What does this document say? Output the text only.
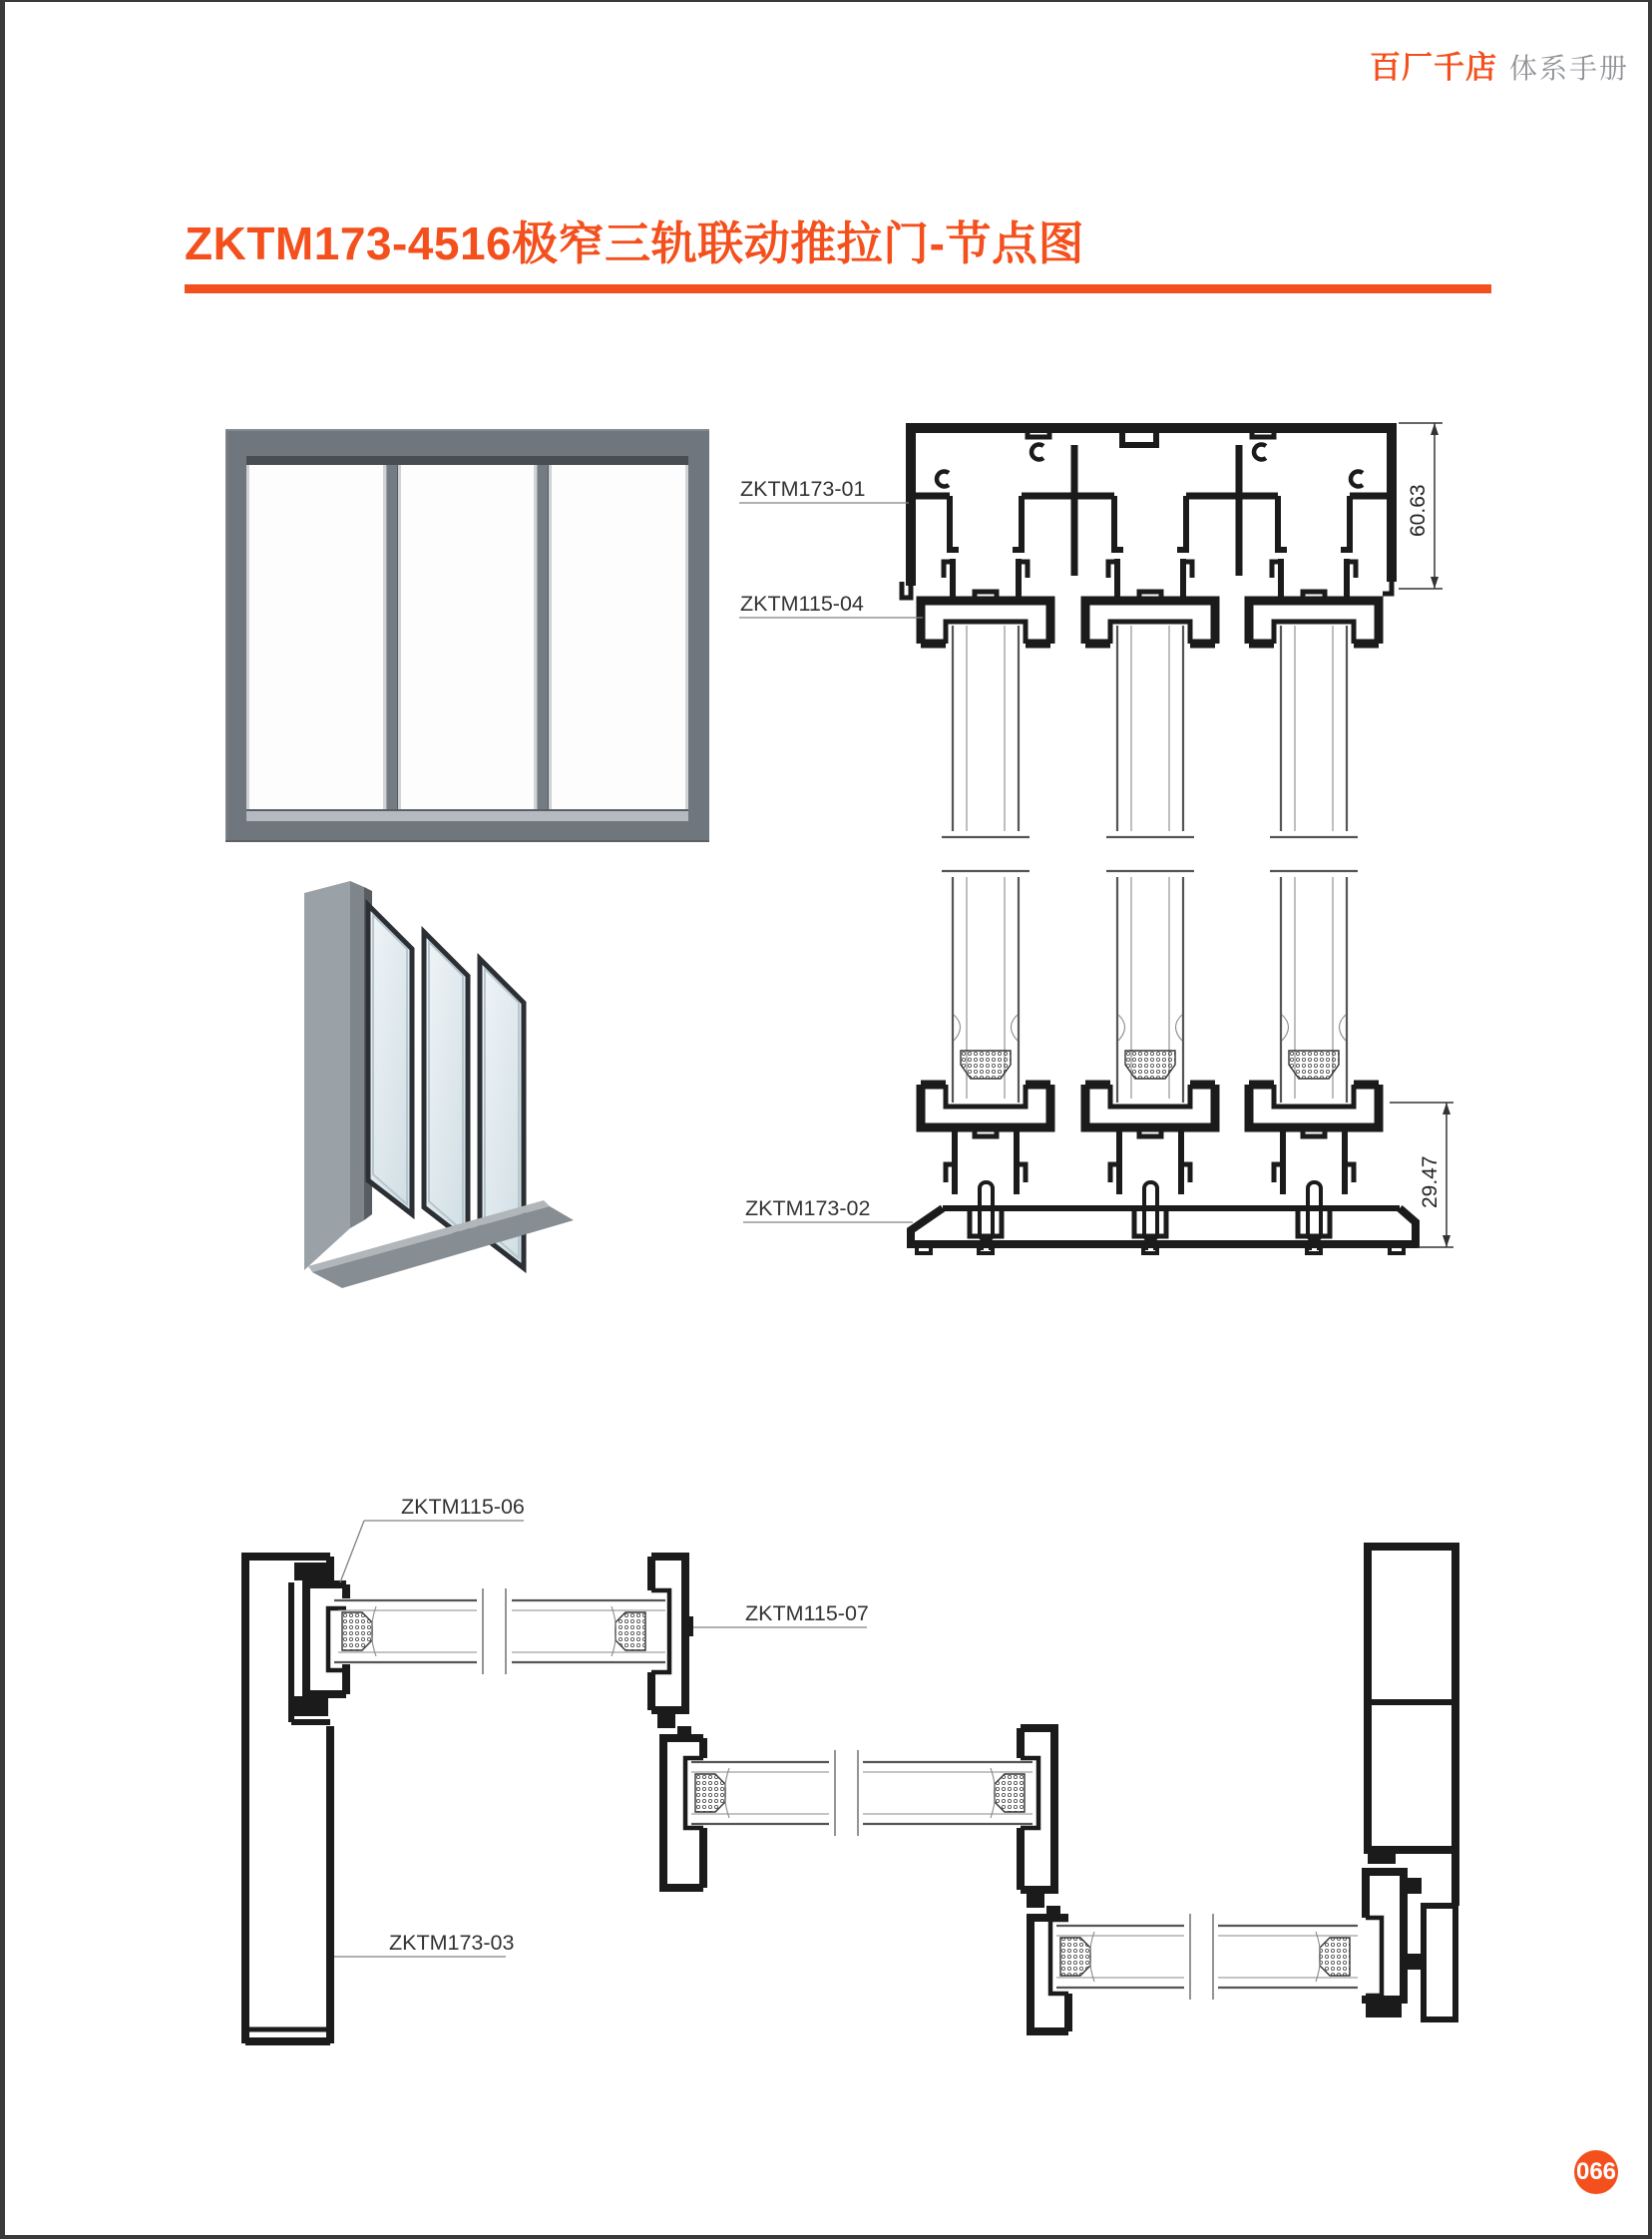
百厂千店 体系手册
ZKTM173-4516极窄三轨联动推拉门-节点图
60.63
29.47
ZKTM173-01
ZKTM115-04
ZKTM173-02
ZKTM115-06
ZKTM115-07
ZKTM173-03
066
